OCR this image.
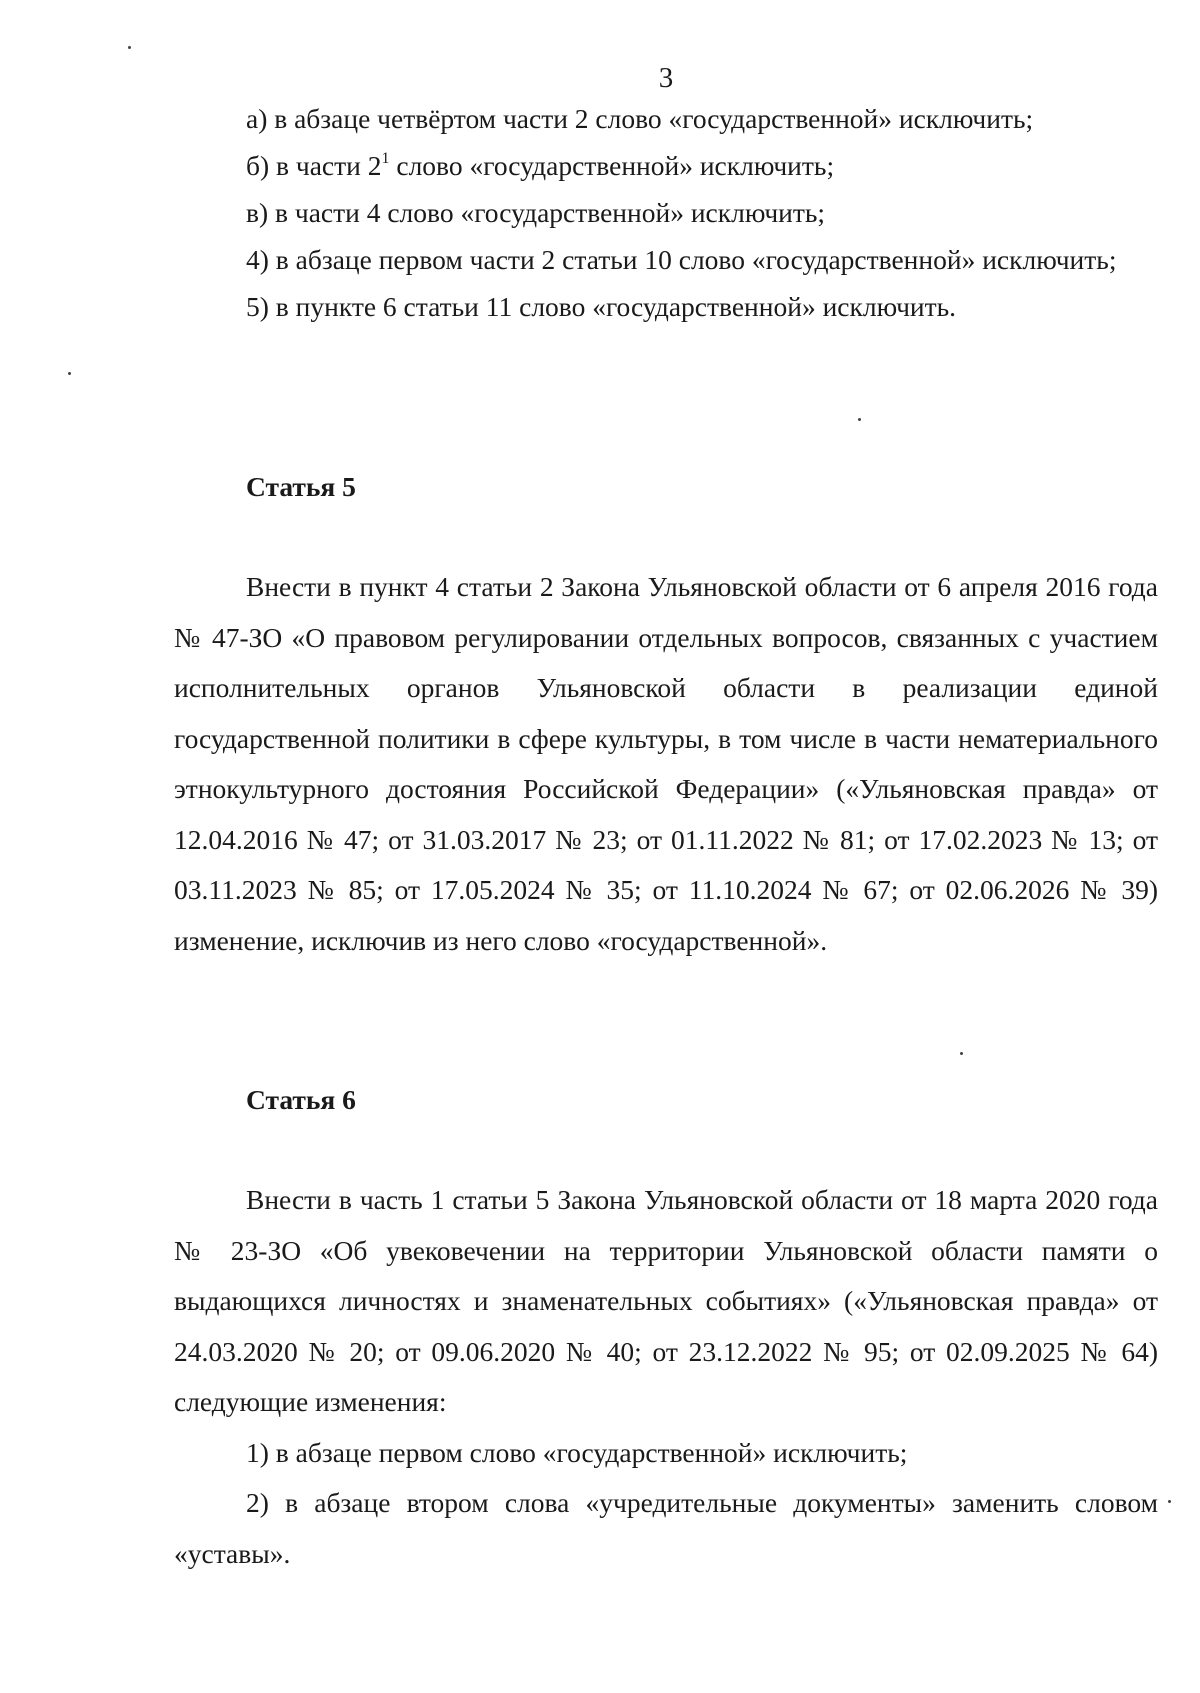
3

а) в абзаце четвёртом части 2 слово «государственной» исключить;

б) в части $2^1$ слово «государственной» исключить;

в) в части 4 слово «государственной» исключить;

4) в абзаце первом части 2 статьи 10 слово «государственной» исключить;

5) в пункте 6 статьи 11 слово «государственной» исключить.

Статья 5

Внести в пункт 4 статьи 2 Закона Ульяновской области от 6 апреля 2016 года № 47-ЗО «О правовом регулировании отдельных вопросов, связанных с участием исполнительных органов Ульяновской области в реализации единой государственной политики в сфере культуры, в том числе в части нематериального этнокультурного достояния Российской Федерации» («Ульяновская правда» от 12.04.2016 № 47; от 31.03.2017 № 23; от 01.11.2022 № 81; от 17.02.2023 № 13; от 03.11.2023 № 85; от 17.05.2024 № 35; от 11.10.2024 № 67; от 02.06.2026 № 39) изменение, исключив из него слово «государственной».

Статья 6

Внести в часть 1 статьи 5 Закона Ульяновской области от 18 марта 2020 года № 23-ЗО «Об увековечении на территории Ульяновской области памяти о выдающихся личностях и знаменательных событиях» («Ульяновская правда» от 24.03.2020 № 20; от 09.06.2020 № 40; от 23.12.2022 № 95; от 02.09.2025 № 64) следующие изменения:

1) в абзаце первом слово «государственной» исключить;

2) в абзаце втором слова «учредительные документы» заменить словом «уставы».
